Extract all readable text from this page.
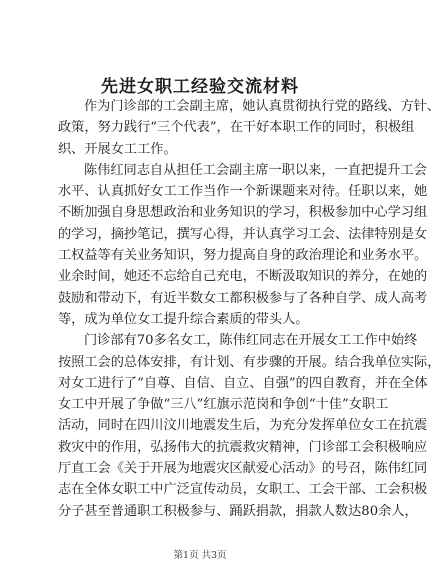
先进女职工经验交流材料
作为门诊部的工会副主席，她认真贯彻执行党的路线、方针、
政策，努力践行“三个代表”，在干好本职工作的同时，积极组
织、开展女工工作。
陈伟红同志自从担任工会副主席一职以来，一直把提升工会
水平、认真抓好女工工作当作一个新课题来对待。任职以来，她
不断加强自身思想政治和业务知识的学习，积极参加中心学习组
的学习，摘抄笔记，撰写心得，并认真学习工会、法律特别是女
工权益等有关业务知识，努力提高自身的政治理论和业务水平。
业余时间，她还不忘给自己充电，不断汲取知识的养分，在她的
鼓励和带动下，有近半数女工都积极参与了各种自学、成人高考
等，成为单位女工提升综合素质的带头人。
门诊部有70多名女工，陈伟红同志在开展女工工作中始终
按照工会的总体安排，有计划、有步骤的开展。结合我单位实际，
对女工进行了“自尊、自信、自立、自强”的四自教育，并在全体
女工中开展了争做“三八”红旗示范岗和争创“十佳”女职工
活动，同时在四川汶川地震发生后，为充分发挥单位女工在抗震
救灾中的作用，弘扬伟大的抗震救灾精神，门诊部工会积极响应
厅直工会《关于开展为地震灾区献爱心活动》的号召，陈伟红同
志在全体女职工中广泛宣传动员，女职工、工会干部、工会积极
分子甚至普通职工积极参与、踊跃捐款，捐款人数达80余人，
第1页 共3页
